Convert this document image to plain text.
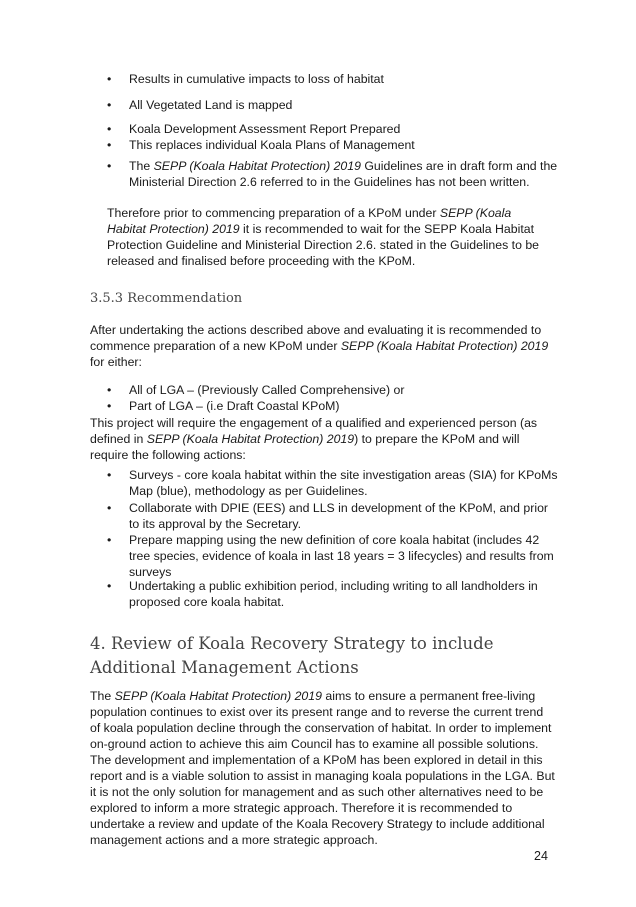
• Results in cumulative impacts to loss of habitat
• All Vegetated Land is mapped
• Koala Development Assessment Report Prepared
• This replaces individual Koala Plans of Management
• The SEPP (Koala Habitat Protection) 2019 Guidelines are in draft form and the Ministerial Direction 2.6 referred to in the Guidelines has not been written.
Therefore prior to commencing preparation of a KPoM under SEPP (Koala Habitat Protection) 2019 it is recommended to wait for the SEPP Koala Habitat Protection Guideline and Ministerial Direction 2.6. stated in the Guidelines to be released and finalised before proceeding with the KPoM.
3.5.3 Recommendation
After undertaking the actions described above and evaluating it is recommended to commence preparation of a new KPoM under SEPP (Koala Habitat Protection) 2019 for either:
• All of LGA – (Previously Called Comprehensive) or
• Part of LGA – (i.e Draft Coastal KPoM)
This project will require the engagement of a qualified and experienced person (as defined in SEPP (Koala Habitat Protection) 2019) to prepare the KPoM and will require the following actions:
• Surveys - core koala habitat within the site investigation areas (SIA) for KPoMs Map (blue), methodology as per Guidelines.
• Collaborate with DPIE (EES) and LLS in development of the KPoM, and prior to its approval by the Secretary.
• Prepare mapping using the new definition of core koala habitat (includes 42 tree species, evidence of koala in last 18 years = 3 lifecycles) and results from surveys
• Undertaking a public exhibition period, including writing to all landholders in proposed core koala habitat.
4. Review of Koala Recovery Strategy to include Additional Management Actions
The SEPP (Koala Habitat Protection) 2019 aims to ensure a permanent free-living population continues to exist over its present range and to reverse the current trend of koala population decline through the conservation of habitat. In order to implement on-ground action to achieve this aim Council has to examine all possible solutions. The development and implementation of a KPoM has been explored in detail in this report and is a viable solution to assist in managing koala populations in the LGA. But it is not the only solution for management and as such other alternatives need to be explored to inform a more strategic approach. Therefore it is recommended to undertake a review and update of the Koala Recovery Strategy to include additional management actions and a more strategic approach.
24
